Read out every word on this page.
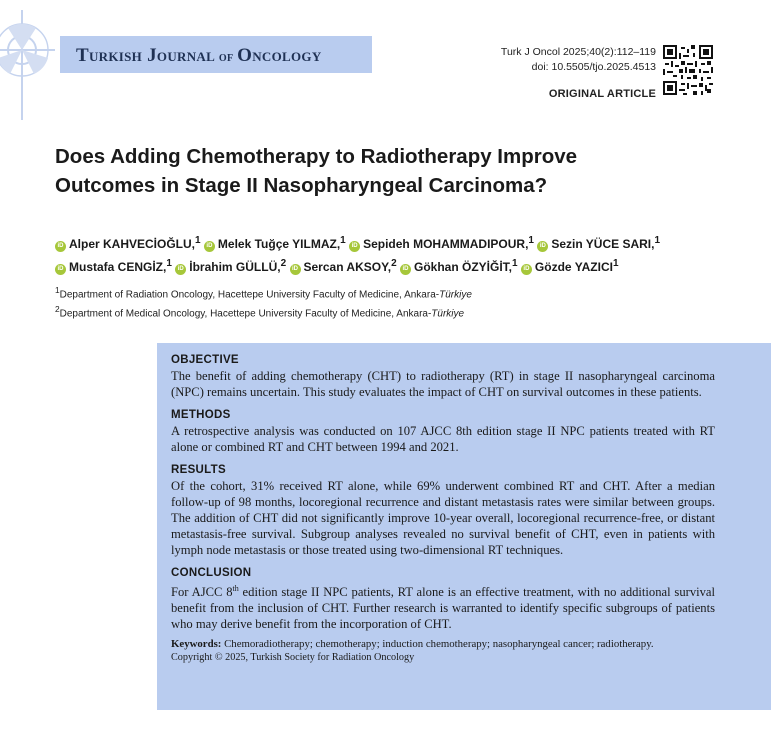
Turkish Journal of Oncology	Turk J Oncol 2025;40(2):112–119
doi: 10.5505/tjo.2025.4513
ORIGINAL ARTICLE
Does Adding Chemotherapy to Radiotherapy Improve Outcomes in Stage II Nasopharyngeal Carcinoma?
iD Alper KAHVECİOĞLU,$^1$ iD Melek Tuğçe YILMAZ,$^1$ iD Sepideh MOHAMMADIPOUR,$^1$ iD Sezin YÜCE SARI,$^1$
iD Mustafa CENGİZ,$^1$ iD İbrahim GÜLLÜ,$^2$ iD Sercan AKSOY,$^2$ iD Gökhan ÖZYİĞİT,$^1$ iD Gözde YAZICI$^1$
$^1$Department of Radiation Oncology, Hacettepe University Faculty of Medicine, Ankara-Türkiye
$^2$Department of Medical Oncology, Hacettepe University Faculty of Medicine, Ankara-Türkiye
OBJECTIVE

The benefit of adding chemotherapy (CHT) to radiotherapy (RT) in stage II nasopharyngeal carcinoma (NPC) remains uncertain. This study evaluates the impact of CHT on survival outcomes in these patients.

METHODS

A retrospective analysis was conducted on 107 AJCC 8th edition stage II NPC patients treated with RT alone or combined RT and CHT between 1994 and 2021.

RESULTS

Of the cohort, 31% received RT alone, while 69% underwent combined RT and CHT. After a median follow-up of 98 months, locoregional recurrence and distant metastasis rates were similar between groups. The addition of CHT did not significantly improve 10-year overall, locoregional recurrence-free, or distant metastasis-free survival. Subgroup analyses revealed no survival benefit of CHT, even in patients with lymph node metastasis or those treated using two-dimensional RT techniques.

CONCLUSION

For AJCC 8th edition stage II NPC patients, RT alone is an effective treatment, with no additional survival benefit from the inclusion of CHT. Further research is warranted to identify specific subgroups of patients who may derive benefit from the incorporation of CHT.

Keywords: Chemoradiotherapy; chemotherapy; induction chemotherapy; nasopharyngeal cancer; radiotherapy.
Copyright © 2025, Turkish Society for Radiation Oncology
